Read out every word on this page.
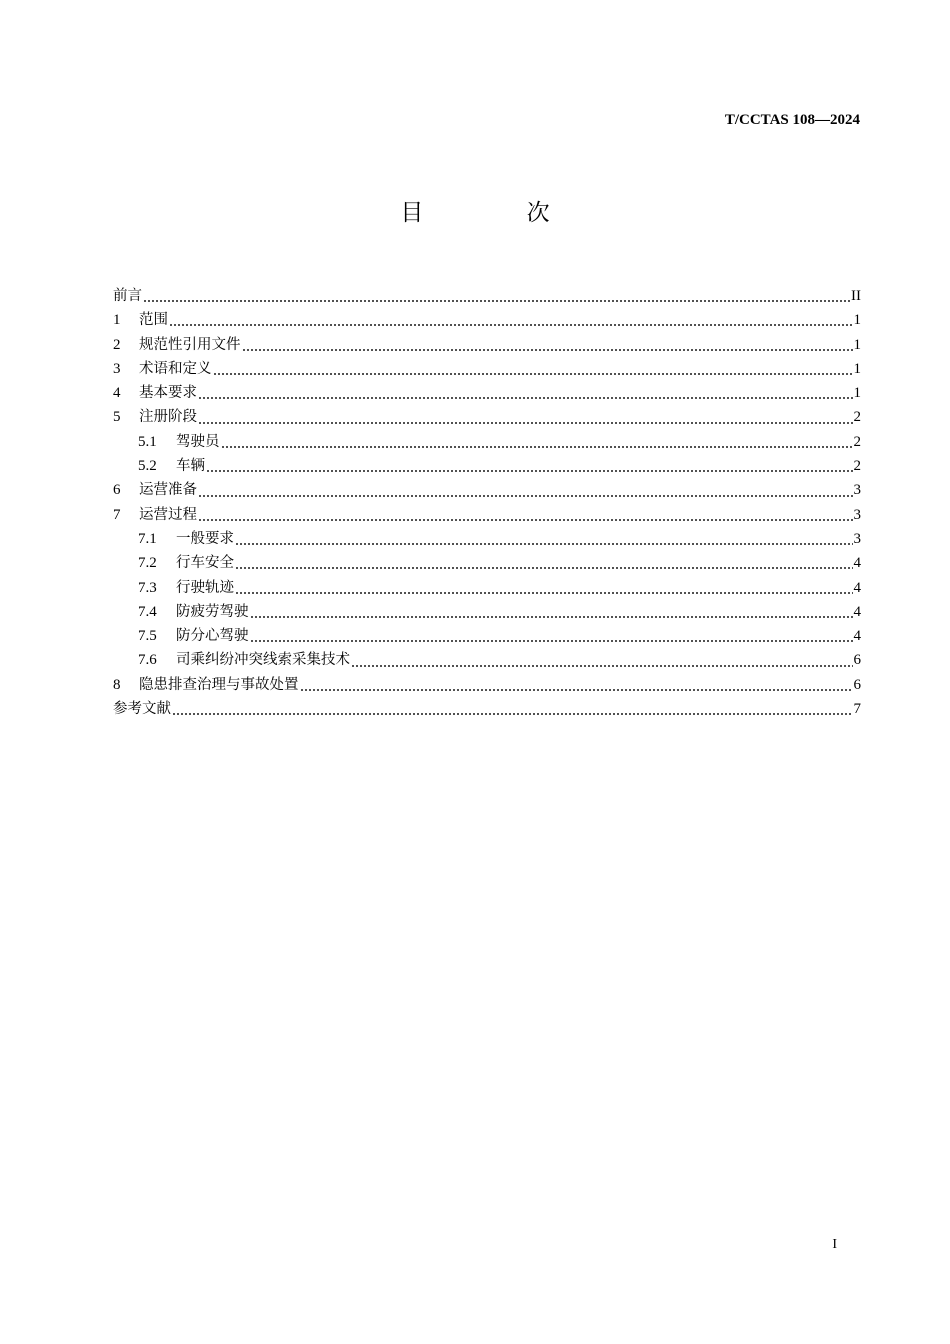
T/CCTAS 108—2024
目 次
前言	II
1	范围	1
2	规范性引用文件	1
3	术语和定义	1
4	基本要求	1
5	注册阶段	2
5.1	驾驶员	2
5.2	车辆	2
6	运营准备	3
7	运营过程	3
7.1	一般要求	3
7.2	行车安全	4
7.3	行驶轨迹	4
7.4	防疲劳驾驶	4
7.5	防分心驾驶	4
7.6	司乘纠纷冲突线索采集技术	6
8	隐患排查治理与事故处置	6
参考文献	7
I
